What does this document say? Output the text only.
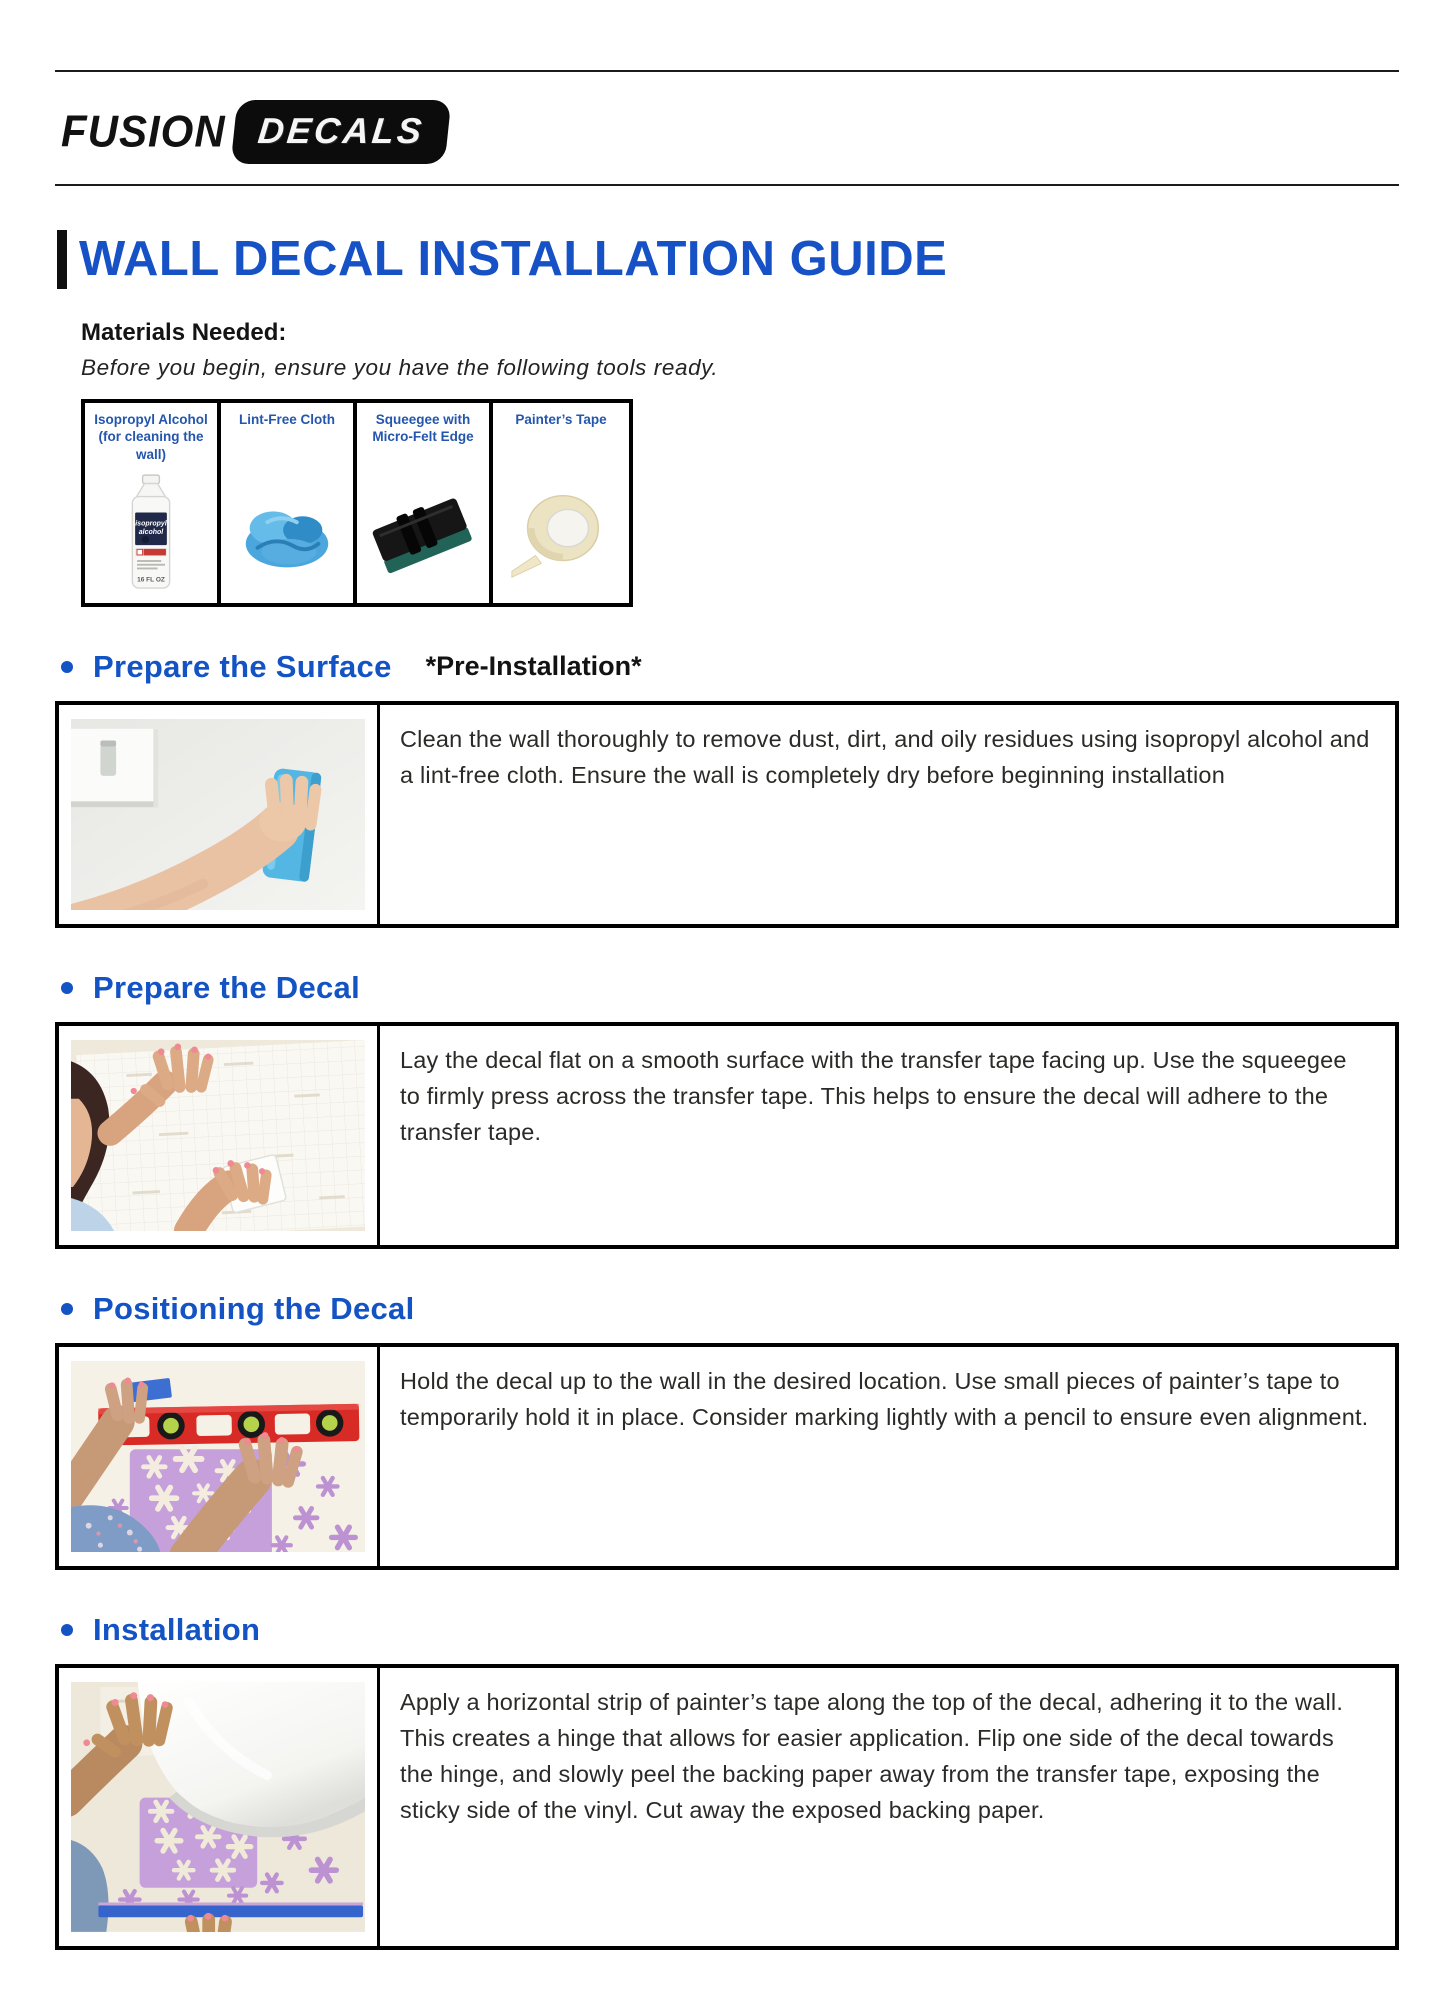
FUSION DECALS
WALL DECAL INSTALLATION GUIDE

Materials Needed:

Before you begin, ensure you have the following tools ready.

Isopropyl Alcohol (for cleaning the wall)
isopropyl
alcohol
16 FL OZ
Lint-Free Cloth	Squeegee with Micro-Felt Edge
Painter’s Tape
Prepare the Surface *Pre-Installation*
Clean the wall thoroughly to remove dust, dirt, and oily residues using isopropyl alcohol and a lint-free cloth. Ensure the wall is completely dry before beginning installation
Prepare the Decal
Lay the decal flat on a smooth surface with the transfer tape facing up. Use the squeegee to firmly press across the transfer tape. This helps to ensure the decal will adhere to the transfer tape.
Positioning the Decal
Hold the decal up to the wall in the desired location. Use small pieces of painter’s tape to temporarily hold it in place. Consider marking lightly with a pencil to ensure even alignment.
Installation
Apply a horizontal strip of painter’s tape along the top of the decal, adhering it to the wall. This creates a hinge that allows for easier application. Flip one side of the decal towards the hinge, and slowly peel the backing paper away from the transfer tape, exposing the sticky side of the vinyl. Cut away the exposed backing paper.
